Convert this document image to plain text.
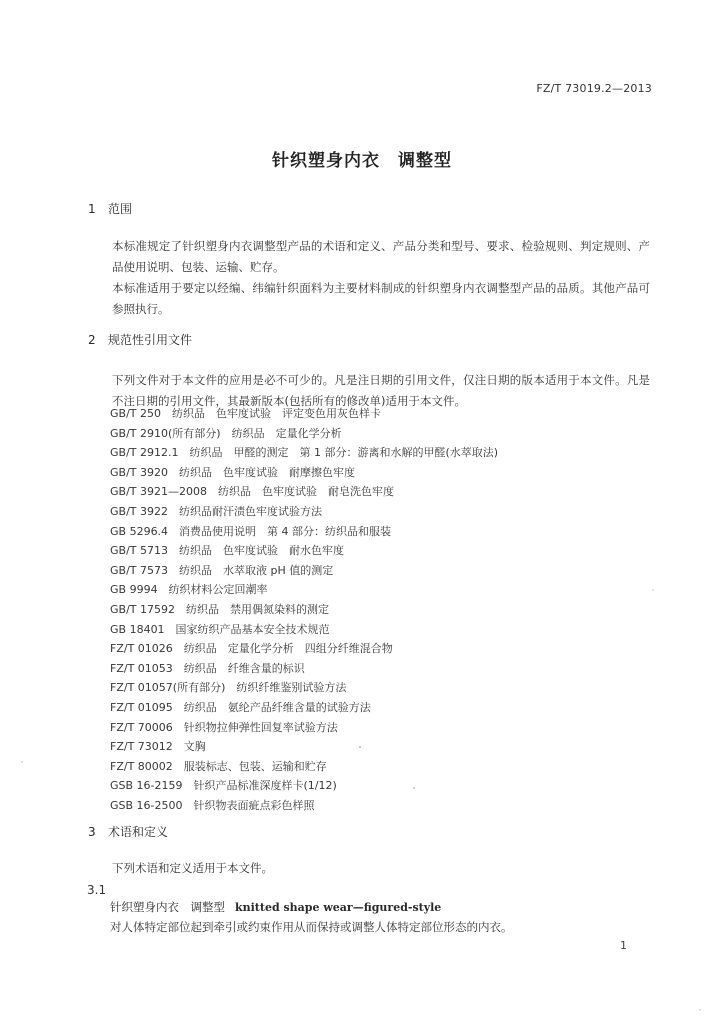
FZ/T 73019.2—2013
针织塑身内衣　调整型
1 范围
本标准规定了针织塑身内衣调整型产品的术语和定义、产品分类和型号、要求、检验规则、判定规则、产品使用说明、包装、运输、贮存。
本标准适用于要定以经编、纬编针织面料为主要材料制成的针织塑身内衣调整型产品的品质。其他产品可参照执行。
2 规范性引用文件
下列文件对于本文件的应用是必不可少的。凡是注日期的引用文件，仅注日期的版本适用于本文件。凡是不注日期的引用文件，其最新版本(包括所有的修改单)适用于本文件。
GB/T 250　纺织品　色牢度试验　评定变色用灰色样卡
GB/T 2910(所有部分)　纺织品　定量化学分析
GB/T 2912.1　纺织品　甲醛的测定　第 1 部分：游离和水解的甲醛(水萃取法)
GB/T 3920　纺织品　色牢度试验　耐摩擦色牢度
GB/T 3921—2008　纺织品　色牢度试验　耐皂洗色牢度
GB/T 3922　纺织品耐汗渍色牢度试验方法
GB 5296.4　消费品使用说明　第 4 部分：纺织品和服装
GB/T 5713　纺织品　色牢度试验　耐水色牢度
GB/T 7573　纺织品　水萃取液 pH 值的测定
GB 9994　纺织材料公定回潮率
GB/T 17592　纺织品　禁用偶氮染料的测定
GB 18401　国家纺织产品基本安全技术规范
FZ/T 01026　纺织品　定量化学分析　四组分纤维混合物
FZ/T 01053　纺织品　纤维含量的标识
FZ/T 01057(所有部分)　纺织纤维鉴别试验方法
FZ/T 01095　纺织品　氨纶产品纤维含量的试验方法
FZ/T 70006　针织物拉伸弹性回复率试验方法
FZ/T 73012　文胸
FZ/T 80002　服装标志、包装、运输和贮存
GSB 16-2159　针织产品标准深度样卡(1/12)
GSB 16-2500　针织物表面疵点彩色样照
3 术语和定义
下列术语和定义适用于本文件。
3.1
针织塑身内衣　调整型 knitted shape wear—figured-style
对人体特定部位起到牵引或约束作用从而保持或调整人体特定部位形态的内衣。
1
